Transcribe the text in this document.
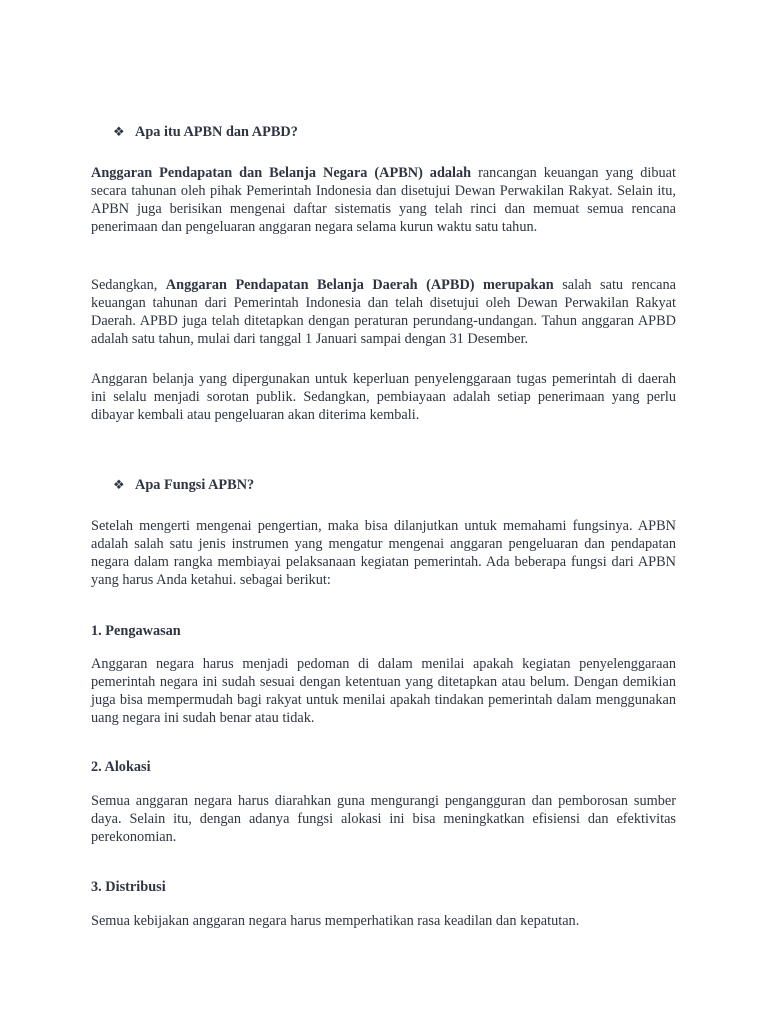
❖ Apa itu APBN dan APBD?

Anggaran Pendapatan dan Belanja Negara (APBN) adalah rancangan keuangan yang dibuat secara tahunan oleh pihak Pemerintah Indonesia dan disetujui Dewan Perwakilan Rakyat. Selain itu, APBN juga berisikan mengenai daftar sistematis yang telah rinci dan memuat semua rencana penerimaan dan pengeluaran anggaran negara selama kurun waktu satu tahun.

Sedangkan, Anggaran Pendapatan Belanja Daerah (APBD) merupakan salah satu rencana keuangan tahunan dari Pemerintah Indonesia dan telah disetujui oleh Dewan Perwakilan Rakyat Daerah. APBD juga telah ditetapkan dengan peraturan perundang-undangan. Tahun anggaran APBD adalah satu tahun, mulai dari tanggal 1 Januari sampai dengan 31 Desember.

Anggaran belanja yang dipergunakan untuk keperluan penyelenggaraan tugas pemerintah di daerah ini selalu menjadi sorotan publik. Sedangkan, pembiayaan adalah setiap penerimaan yang perlu dibayar kembali atau pengeluaran akan diterima kembali.

❖ Apa Fungsi APBN?

Setelah mengerti mengenai pengertian, maka bisa dilanjutkan untuk memahami fungsinya. APBN adalah salah satu jenis instrumen yang mengatur mengenai anggaran pengeluaran dan pendapatan negara dalam rangka membiayai pelaksanaan kegiatan pemerintah. Ada beberapa fungsi dari APBN yang harus Anda ketahui. sebagai berikut:

1. Pengawasan

Anggaran negara harus menjadi pedoman di dalam menilai apakah kegiatan penyelenggaraan pemerintah negara ini sudah sesuai dengan ketentuan yang ditetapkan atau belum. Dengan demikian juga bisa mempermudah bagi rakyat untuk menilai apakah tindakan pemerintah dalam menggunakan uang negara ini sudah benar atau tidak.

2. Alokasi

Semua anggaran negara harus diarahkan guna mengurangi pengangguran dan pemborosan sumber daya. Selain itu, dengan adanya fungsi alokasi ini bisa meningkatkan efisiensi dan efektivitas perekonomian.

3. Distribusi

Semua kebijakan anggaran negara harus memperhatikan rasa keadilan dan kepatutan.
